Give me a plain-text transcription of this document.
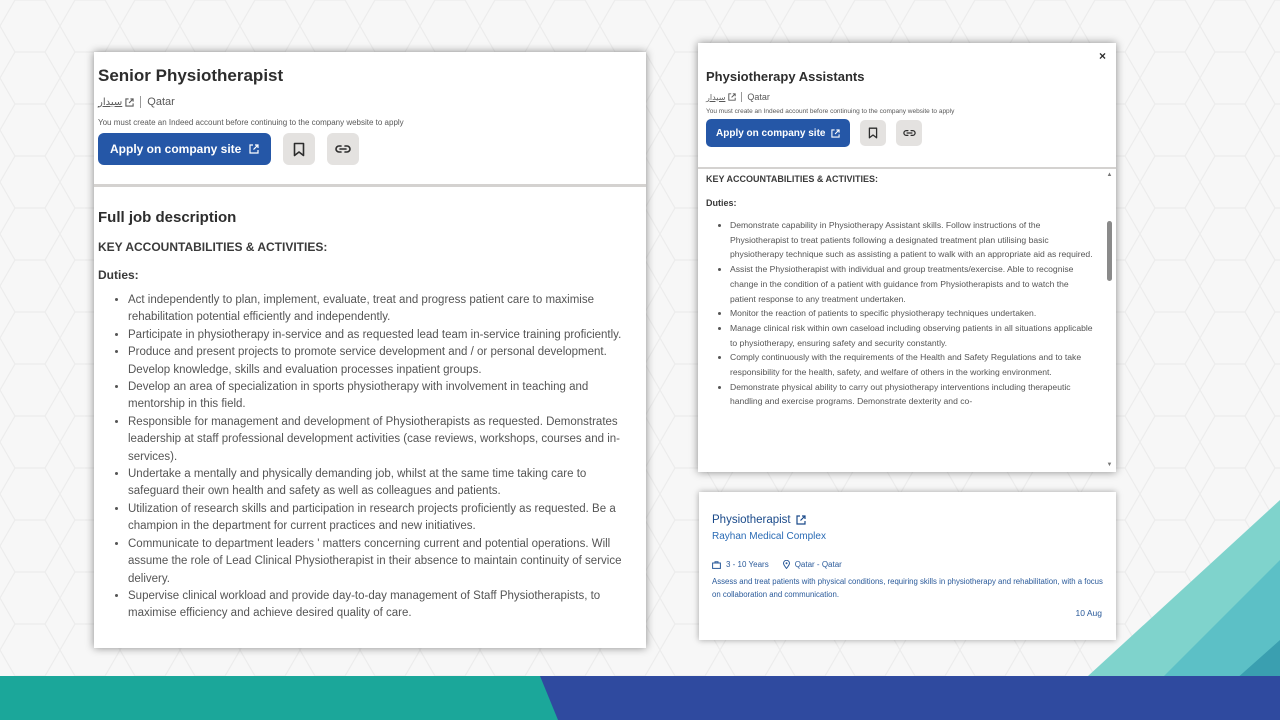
Senior Physiotherapist
سيدار Qatar
You must create an Indeed account before continuing to the company website to apply
Apply on company site
Full job description
KEY ACCOUNTABILITIES & ACTIVITIES:
Duties:
• Act independently to plan, implement, evaluate, treat and progress patient care to maximise rehabilitation potential efficiently and independently.
• Participate in physiotherapy in-service and as requested lead team in-service training proficiently.
• Produce and present projects to promote service development and / or personal development. Develop knowledge, skills and evaluation processes inpatient groups.
• Develop an area of specialization in sports physiotherapy with involvement in teaching and mentorship in this field.
• Responsible for management and development of Physiotherapists as requested. Demonstrates leadership at staff professional development activities (case reviews, workshops, courses and in-services).
• Undertake a mentally and physically demanding job, whilst at the same time taking care to safeguard their own health and safety as well as colleagues and patients.
• Utilization of research skills and participation in research projects proficiently as requested. Be a champion in the department for current practices and new initiatives.
• Communicate to department leaders ' matters concerning current and potential operations. Will assume the role of Lead Clinical Physiotherapist in their absence to maintain continuity of service delivery.
• Supervise clinical workload and provide day-to-day management of Staff Physiotherapists, to maximise efficiency and achieve desired quality of care.
×
Physiotherapy Assistants
سيدار Qatar
You must create an Indeed account before continuing to the company website to apply
Apply on company site
KEY ACCOUNTABILITIES & ACTIVITIES:
Duties:
• Demonstrate capability in Physiotherapy Assistant skills. Follow instructions of the Physiotherapist to treat patients following a designated treatment plan utilising basic physiotherapy technique such as assisting a patient to walk with an appropriate aid as required.
• Assist the Physiotherapist with individual and group treatments/exercise. Able to recognise change in the condition of a patient with guidance from Physiotherapists and to watch the patient response to any treatment undertaken.
• Monitor the reaction of patients to specific physiotherapy techniques undertaken.
• Manage clinical risk within own caseload including observing patients in all situations applicable to physiotherapy, ensuring safety and security constantly.
• Comply continuously with the requirements of the Health and Safety Regulations and to take responsibility for the health, safety, and welfare of others in the working environment.
• Demonstrate physical ability to carry out physiotherapy interventions including therapeutic handling and exercise programs. Demonstrate dexterity and co-
▲
▼
Physiotherapist
Rayhan Medical Complex
3 - 10 Years	Qatar - Qatar
Assess and treat patients with physical conditions, requiring skills in physiotherapy and rehabilitation, with a focus on collaboration and communication.
10 Aug
